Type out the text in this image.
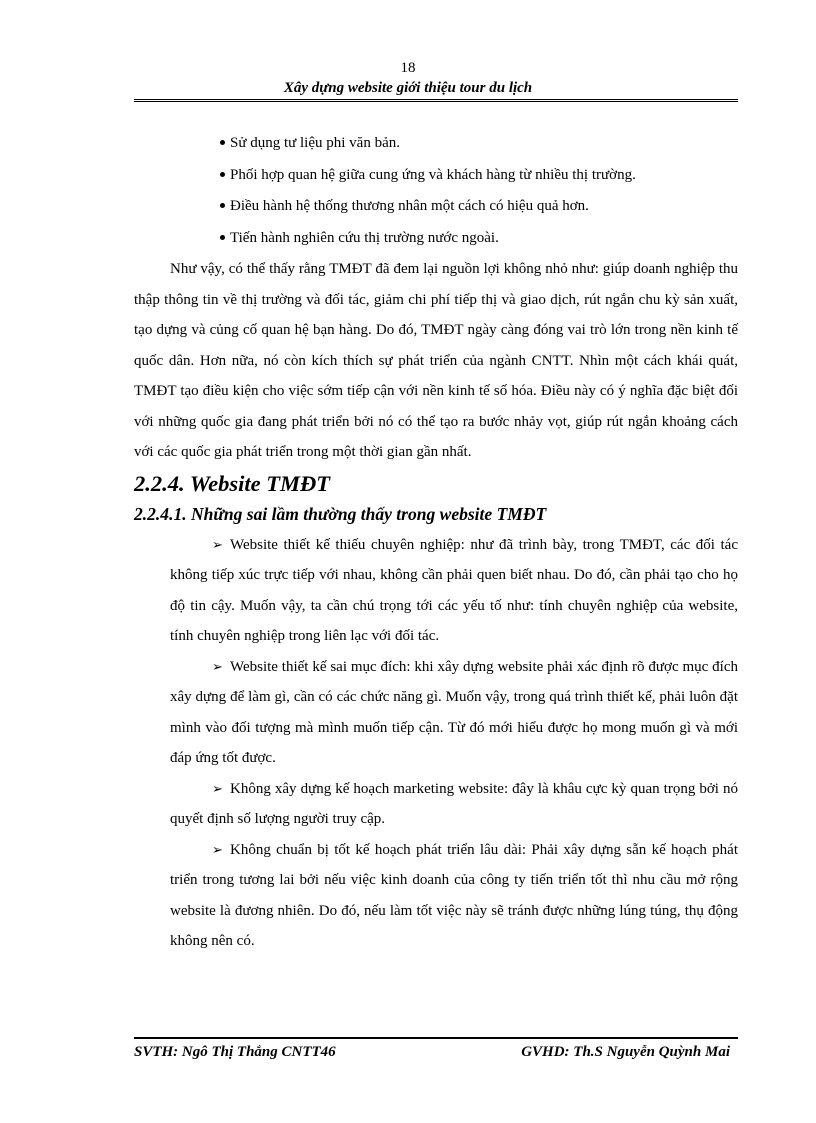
18
Xây dựng website giới thiệu tour du lịch
Sử dụng tư liệu phi văn bản.
Phối hợp quan hệ giữa cung ứng và khách hàng từ nhiều thị trường.
Điều hành hệ thống thương nhân một cách có hiệu quả hơn.
Tiến hành nghiên cứu thị trường nước ngoài.

Như vậy, có thể thấy rằng TMĐT đã đem lại nguồn lợi không nhỏ như: giúp doanh nghiệp thu thập thông tin về thị trường và đối tác, giảm chi phí tiếp thị và giao dịch, rút ngắn chu kỳ sản xuất, tạo dựng và củng cố quan hệ bạn hàng. Do đó, TMĐT ngày càng đóng vai trò lớn trong nền kinh tế quốc dân. Hơn nữa, nó còn kích thích sự phát triển của ngành CNTT. Nhìn một cách khái quát, TMĐT tạo điều kiện cho việc sớm tiếp cận với nền kinh tế số hóa. Điều này có ý nghĩa đặc biệt đối với những quốc gia đang phát triển bởi nó có thể tạo ra bước nhảy vọt, giúp rút ngắn khoảng cách với các quốc gia phát triển trong một thời gian gần nhất.

2.2.4. Website TMĐT
2.2.4.1. Những sai lầm thường thấy trong website TMĐT

➢ Website thiết kế thiếu chuyên nghiệp: như đã trình bày, trong TMĐT, các đối tác không tiếp xúc trực tiếp với nhau, không cần phải quen biết nhau. Do đó, cần phải tạo cho họ độ tin cậy. Muốn vậy, ta cần chú trọng tới các yếu tố như: tính chuyên nghiệp của website, tính chuyên nghiệp trong liên lạc với đối tác.

➢ Website thiết kế sai mục đích: khi xây dựng website phải xác định rõ được mục đích xây dựng để làm gì, cần có các chức năng gì. Muốn vậy, trong quá trình thiết kế, phải luôn đặt mình vào đối tượng mà mình muốn tiếp cận. Từ đó mới hiểu được họ mong muốn gì và mới đáp ứng tốt được.

➢ Không xây dựng kế hoạch marketing website: đây là khâu cực kỳ quan trọng bởi nó quyết định số lượng người truy cập.

➢ Không chuẩn bị tốt kế hoạch phát triển lâu dài: Phải xây dựng sẵn kế hoạch phát triển trong tương lai bởi nếu việc kinh doanh của công ty tiến triển tốt thì nhu cầu mở rộng website là đương nhiên. Do đó, nếu làm tốt việc này sẽ tránh được những lúng túng, thụ động không nên có.

SVTH: Ngô Thị Thắng CNTT46	GVHD: Th.S Nguyễn Quỳnh Mai
